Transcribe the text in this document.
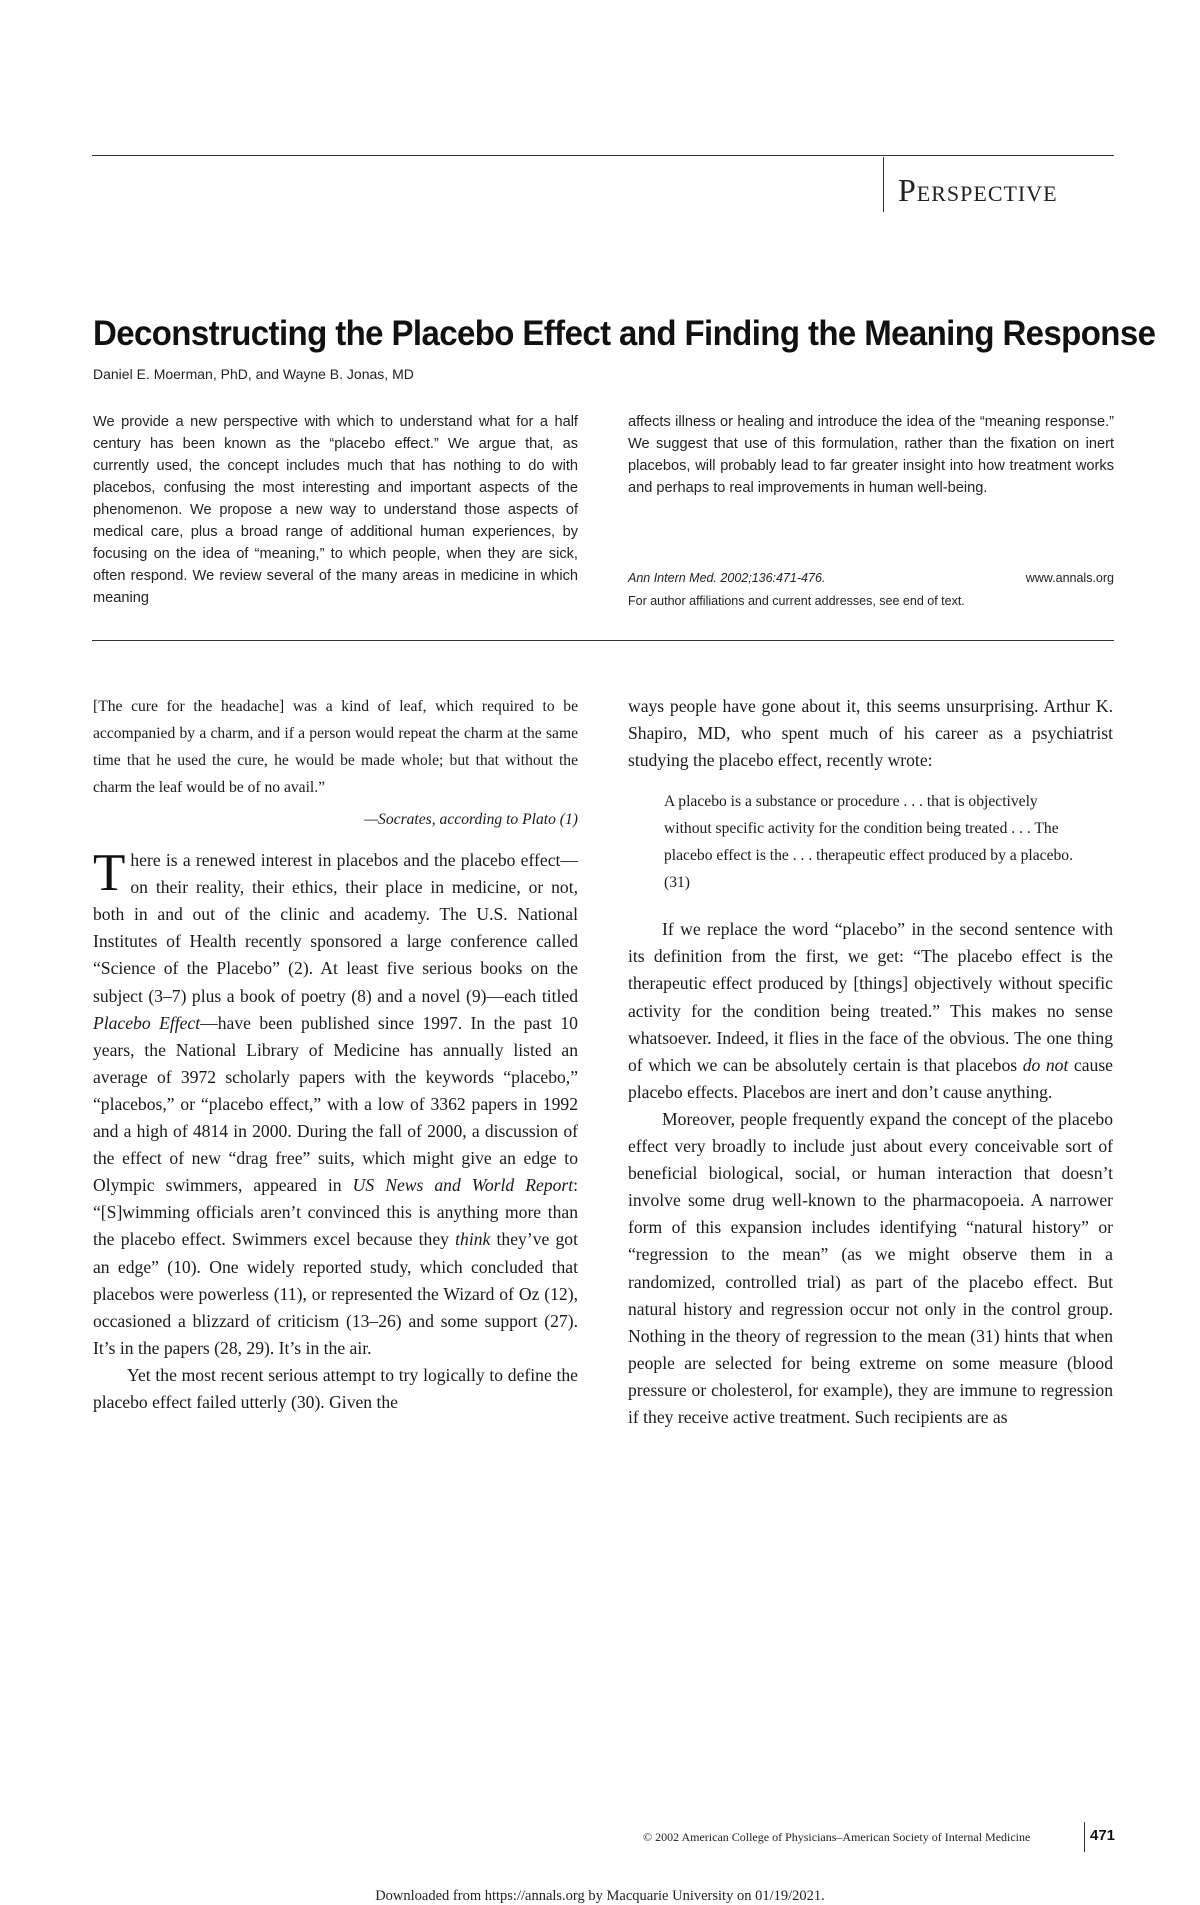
Perspective
Deconstructing the Placebo Effect and Finding the Meaning Response
Daniel E. Moerman, PhD, and Wayne B. Jonas, MD

We provide a new perspective with which to understand what for a half century has been known as the “placebo effect.” We argue that, as currently used, the concept includes much that has nothing to do with placebos, confusing the most interesting and important aspects of the phenomenon. We propose a new way to understand those aspects of medical care, plus a broad range of additional human experiences, by focusing on the idea of “meaning,” to which people, when they are sick, often respond. We review several of the many areas in medicine in which meaning

affects illness or healing and introduce the idea of the “meaning response.” We suggest that use of this formulation, rather than the fixation on inert placebos, will probably lead to far greater insight into how treatment works and perhaps to real improvements in human well-being.

Ann Intern Med. 2002;136:471-476.	www.annals.org
For author affiliations and current addresses, see end of text.

[The cure for the headache] was a kind of leaf, which required to be accompanied by a charm, and if a person would repeat the charm at the same time that he used the cure, he would be made whole; but that without the charm the leaf would be of no avail.”

—Socrates, according to Plato (1)

There is a renewed interest in placebos and the placebo effect—on their reality, their ethics, their place in medicine, or not, both in and out of the clinic and academy. The U.S. National Institutes of Health recently sponsored a large conference called “Science of the Placebo” (2). At least five serious books on the subject (3–7) plus a book of poetry (8) and a novel (9)—each titled Placebo Effect—have been published since 1997. In the past 10 years, the National Library of Medicine has annually listed an average of 3972 scholarly papers with the keywords “placebo,” “placebos,” or “placebo effect,” with a low of 3362 papers in 1992 and a high of 4814 in 2000. During the fall of 2000, a discussion of the effect of new “drag free” suits, which might give an edge to Olympic swimmers, appeared in US News and World Report: “[S]wimming officials aren’t convinced this is anything more than the placebo effect. Swimmers excel because they think they’ve got an edge” (10). One widely reported study, which concluded that placebos were powerless (11), or represented the Wizard of Oz (12), occasioned a blizzard of criticism (13–26) and some support (27). It’s in the papers (28, 29). It’s in the air.

Yet the most recent serious attempt to try logically to define the placebo effect failed utterly (30). Given the

ways people have gone about it, this seems unsurprising. Arthur K. Shapiro, MD, who spent much of his career as a psychiatrist studying the placebo effect, recently wrote:

A placebo is a substance or procedure . . . that is objectively without specific activity for the condition being treated . . . The placebo effect is the . . . therapeutic effect produced by a placebo. (31)

If we replace the word “placebo” in the second sentence with its definition from the first, we get: “The placebo effect is the therapeutic effect produced by [things] objectively without specific activity for the condition being treated.” This makes no sense whatsoever. Indeed, it flies in the face of the obvious. The one thing of which we can be absolutely certain is that placebos do not cause placebo effects. Placebos are inert and don’t cause anything.

Moreover, people frequently expand the concept of the placebo effect very broadly to include just about every conceivable sort of beneficial biological, social, or human interaction that doesn’t involve some drug well-known to the pharmacopoeia. A narrower form of this expansion includes identifying “natural history” or “regression to the mean” (as we might observe them in a randomized, controlled trial) as part of the placebo effect. But natural history and regression occur not only in the control group. Nothing in the theory of regression to the mean (31) hints that when people are selected for being extreme on some measure (blood pressure or cholesterol, for example), they are immune to regression if they receive active treatment. Such recipients are as

© 2002 American College of Physicians–American Society of Internal Medicine	471
Downloaded from https://annals.org by Macquarie University on 01/19/2021.
